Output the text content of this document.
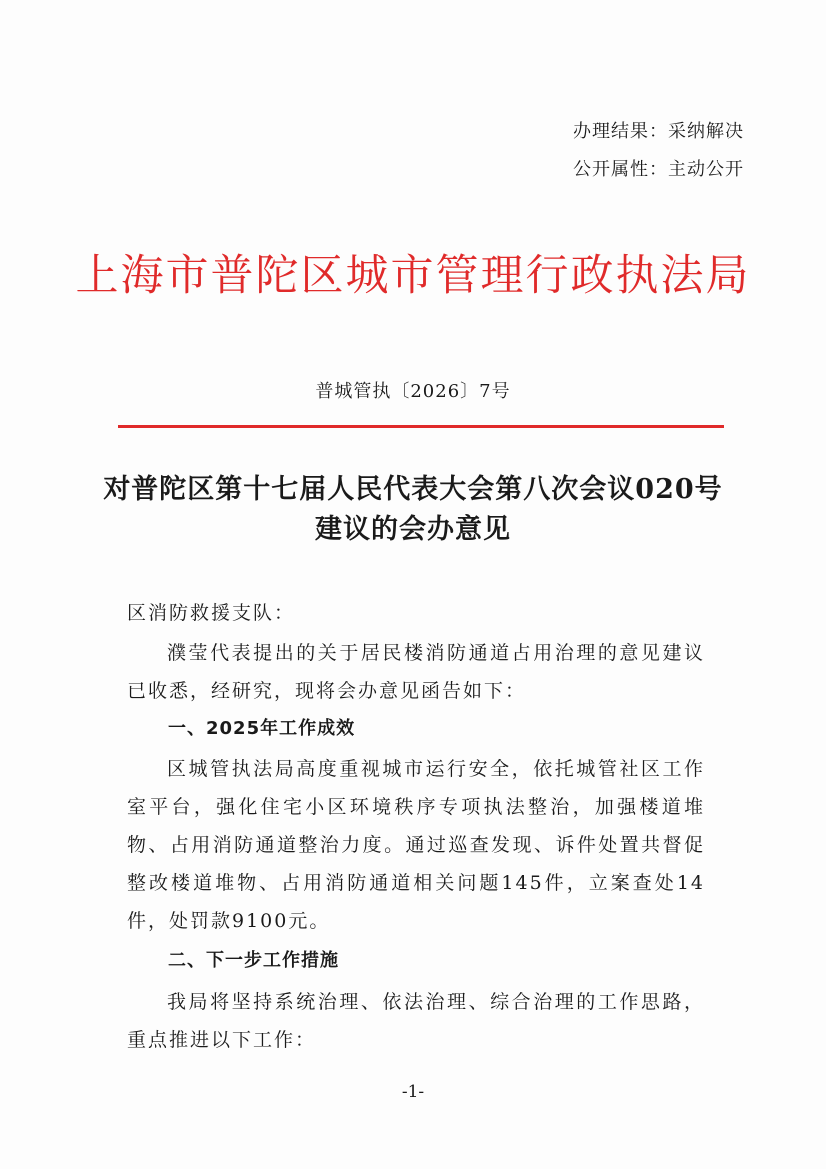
办理结果：采纳解决
公开属性：主动公开
上海市普陀区城市管理行政执法局
普城管执〔2026〕7号
对普陀区第十七届人民代表大会第八次会议020号建议的会办意见
区消防救援支队：
濮莹代表提出的关于居民楼消防通道占用治理的意见建议已收悉，经研究，现将会办意见函告如下：
一、2025年工作成效
区城管执法局高度重视城市运行安全，依托城管社区工作室平台，强化住宅小区环境秩序专项执法整治，加强楼道堆物、占用消防通道整治力度。通过巡查发现、诉件处置共督促整改楼道堆物、占用消防通道相关问题145件，立案查处14件，处罚款9100元。
二、下一步工作措施
我局将坚持系统治理、依法治理、综合治理的工作思路，重点推进以下工作：
-1-
